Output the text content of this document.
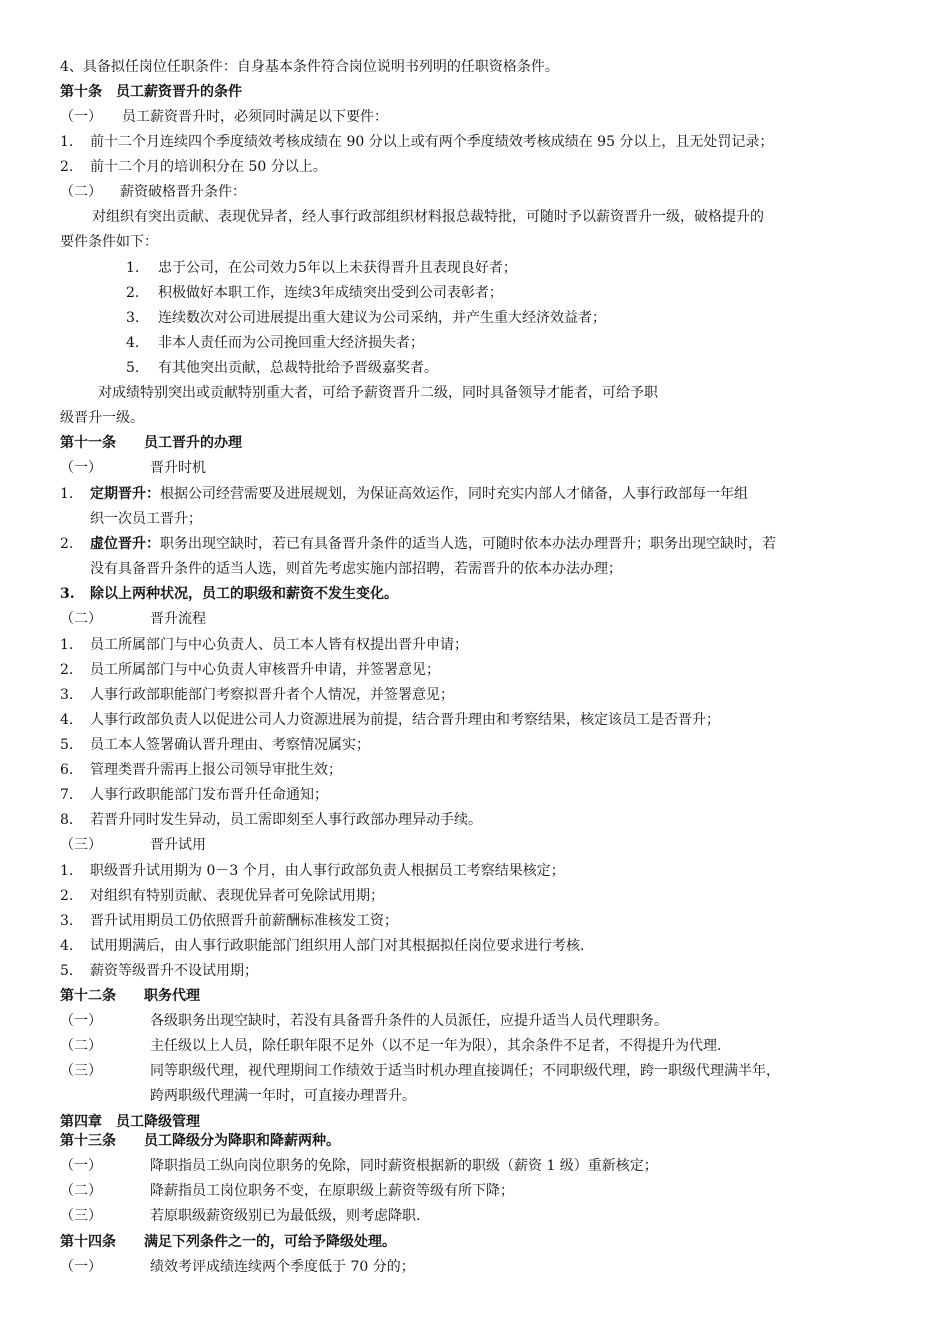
4、具备拟任岗位任职条件：自身基本条件符合岗位说明书列明的任职资格条件。
第十条　员工薪资晋升的条件
（一） 员工薪资晋升时，必须同时满足以下要件：
1. 前十二个月连续四个季度绩效考核成绩在 90 分以上或有两个季度绩效考核成绩在 95 分以上，且无处罚记录；
2. 前十二个月的培训积分在 50 分以上。
（二） 薪资破格晋升条件：
对组织有突出贡献、表现优异者，经人事行政部组织材料报总裁特批，可随时予以薪资晋升一级，破格提升的
要件条件如下：
1. 忠于公司，在公司效力5年以上未获得晋升且表现良好者；
2. 积极做好本职工作，连续3年成绩突出受到公司表彰者；
3. 连续数次对公司进展提出重大建议为公司采纳，并产生重大经济效益者；
4. 非本人责任而为公司挽回重大经济损失者；
5. 有其他突出贡献，总裁特批给予晋级嘉奖者。
对成绩特别突出或贡献特别重大者，可给予薪资晋升二级，同时具备领导才能者，可给予职
级晋升一级。
第十一条　　员工晋升的办理
（一）	晋升时机
1. 定期晋升：根据公司经营需要及进展规划，为保证高效运作，同时充实内部人才储备，人事行政部每一年组
织一次员工晋升；
2. 虚位晋升：职务出现空缺时，若已有具备晋升条件的适当人选，可随时依本办法办理晋升；职务出现空缺时，若
没有具备晋升条件的适当人选，则首先考虑实施内部招聘，若需晋升的依本办法办理；
3. 除以上两种状况，员工的职级和薪资不发生变化。
（二）	晋升流程
1. 员工所属部门与中心负责人、员工本人皆有权提出晋升申请；
2. 员工所属部门与中心负责人审核晋升申请，并签署意见；
3. 人事行政部职能部门考察拟晋升者个人情况，并签署意见；
4. 人事行政部负责人以促进公司人力资源进展为前提，结合晋升理由和考察结果，核定该员工是否晋升；
5. 员工本人签署确认晋升理由、考察情况属实；
6. 管理类晋升需再上报公司领导审批生效；
7. 人事行政职能部门发布晋升任命通知；
8. 若晋升同时发生异动，员工需即刻至人事行政部办理异动手续。
（三）	晋升试用
1. 职级晋升试用期为 0－3 个月，由人事行政部负责人根据员工考察结果核定；
2. 对组织有特别贡献、表现优异者可免除试用期；
3. 晋升试用期员工仍依照晋升前薪酬标准核发工资；
4. 试用期满后，由人事行政职能部门组织用人部门对其根据拟任岗位要求进行考核.
5. 薪资等级晋升不设试用期；
第十二条　　职务代理
（一）	各级职务出现空缺时，若没有具备晋升条件的人员派任，应提升适当人员代理职务。
（二）	主任级以上人员，除任职年限不足外（以不足一年为限），其余条件不足者，不得提升为代理.
（三）	同等职级代理，视代理期间工作绩效于适当时机办理直接调任；不同职级代理，跨一职级代理满半年，
跨两职级代理满一年时，可直接办理晋升。
第四章　员工降级管理
第十三条　　员工降级分为降职和降薪两种。
（一）	降职指员工纵向岗位职务的免除，同时薪资根据新的职级（薪资 1 级）重新核定；
（二）	降薪指员工岗位职务不变，在原职级上薪资等级有所下降；
（三）	若原职级薪资级别已为最低级，则考虑降职.
第十四条　　满足下列条件之一的，可给予降级处理。
（一）	绩效考评成绩连续两个季度低于 70 分的；
